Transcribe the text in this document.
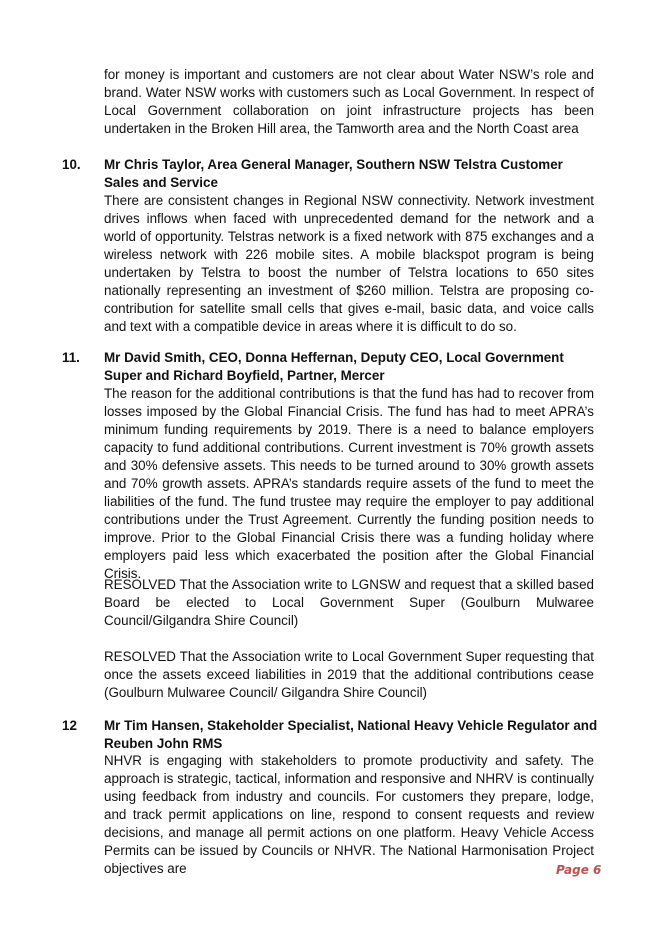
for money is important and customers are not clear about Water NSW’s role and brand. Water NSW works with customers such as Local Government. In respect of Local Government collaboration on joint infrastructure projects has been undertaken in the Broken Hill area, the Tamworth area and the North Coast area

10. Mr Chris Taylor, Area General Manager, Southern NSW Telstra Customer Sales and Service

There are consistent changes in Regional NSW connectivity. Network investment drives inflows when faced with unprecedented demand for the network and a world of opportunity. Telstras network is a fixed network with 875 exchanges and a wireless network with 226 mobile sites. A mobile blackspot program is being undertaken by Telstra to boost the number of Telstra locations to 650 sites nationally representing an investment of $260 million. Telstra are proposing co-contribution for satellite small cells that gives e-mail, basic data, and voice calls and text with a compatible device in areas where it is difficult to do so.

11. Mr David Smith, CEO, Donna Heffernan, Deputy CEO, Local Government Super and Richard Boyfield, Partner, Mercer

The reason for the additional contributions is that the fund has had to recover from losses imposed by the Global Financial Crisis. The fund has had to meet APRA’s minimum funding requirements by 2019. There is a need to balance employers capacity to fund additional contributions. Current investment is 70% growth assets and 30% defensive assets. This needs to be turned around to 30% growth assets and 70% growth assets. APRA’s standards require assets of the fund to meet the liabilities of the fund. The fund trustee may require the employer to pay additional contributions under the Trust Agreement. Currently the funding position needs to improve. Prior to the Global Financial Crisis there was a funding holiday where employers paid less which exacerbated the position after the Global Financial Crisis.

RESOLVED That the Association write to LGNSW and request that a skilled based Board be elected to Local Government Super (Goulburn Mulwaree Council/Gilgandra Shire Council)

RESOLVED That the Association write to Local Government Super requesting that once the assets exceed liabilities in 2019 that the additional contributions cease (Goulburn Mulwaree Council/ Gilgandra Shire Council)

12 Mr Tim Hansen, Stakeholder Specialist, National Heavy Vehicle Regulator and Reuben John RMS

NHVR is engaging with stakeholders to promote productivity and safety. The approach is strategic, tactical, information and responsive and NHRV is continually using feedback from industry and councils. For customers they prepare, lodge, and track permit applications on line, respond to consent requests and review decisions, and manage all permit actions on one platform. Heavy Vehicle Access Permits can be issued by Councils or NHVR. The National Harmonisation Project objectives are	Page 6
